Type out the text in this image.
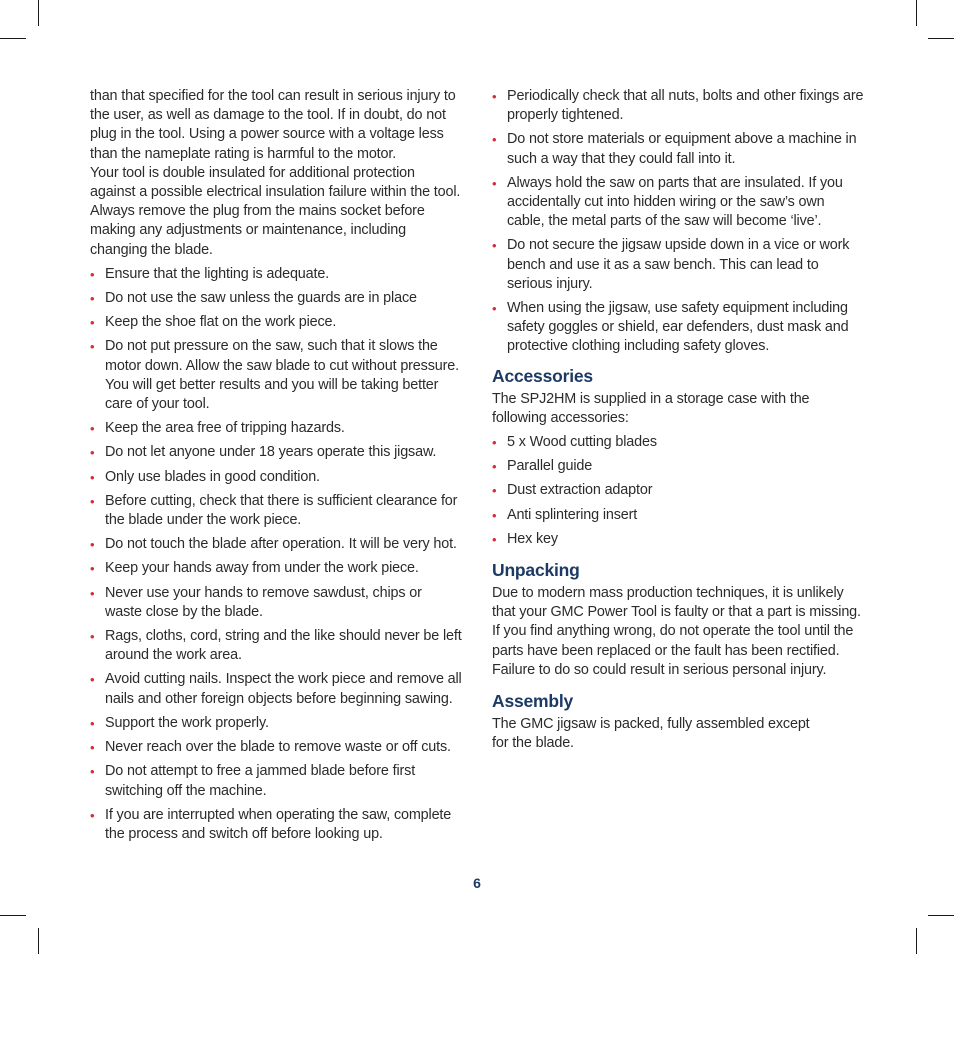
than that specified for the tool can result in serious injury to the user, as well as damage to the tool. If in doubt, do not plug in the tool. Using a power source with a voltage less than the nameplate rating is harmful to the motor.

Your tool is double insulated for additional protection against a possible electrical insulation failure within the tool.

Always remove the plug from the mains socket before making any adjustments or maintenance, including changing the blade.

• Ensure that the lighting is adequate.
• Do not use the saw unless the guards are in place
• Keep the shoe flat on the work piece.
• Do not put pressure on the saw, such that it slows the motor down. Allow the saw blade to cut without pressure. You will get better results and you will be taking better care of your tool.
• Keep the area free of tripping hazards.
• Do not let anyone under 18 years operate this jigsaw.
• Only use blades in good condition.
• Before cutting, check that there is sufficient clearance for the blade under the work piece.
• Do not touch the blade after operation. It will be very hot.
• Keep your hands away from under the work piece.
• Never use your hands to remove sawdust, chips or waste close by the blade.
• Rags, cloths, cord, string and the like should never be left around the work area.
• Avoid cutting nails. Inspect the work piece and remove all nails and other foreign objects before beginning sawing.
• Support the work properly.
• Never reach over the blade to remove waste or off cuts.
• Do not attempt to free a jammed blade before first switching off the machine.
• If you are interrupted when operating the saw, complete the process and switch off before looking up.
• Periodically check that all nuts, bolts and other fixings are properly tightened.
• Do not store materials or equipment above a machine in such a way that they could fall into it.
• Always hold the saw on parts that are insulated. If you accidentally cut into hidden wiring or the saw’s own cable, the metal parts of the saw will become ‘live’.
• Do not secure the jigsaw upside down in a vice or work bench and use it as a saw bench. This can lead to serious injury.
• When using the jigsaw, use safety equipment including safety goggles or shield, ear defenders, dust mask and protective clothing including safety gloves.
Accessories

The SPJ2HM is supplied in a storage case with the following accessories:

• 5 x Wood cutting blades
• Parallel guide
• Dust extraction adaptor
• Anti splintering insert
• Hex key
Unpacking

Due to modern mass production techniques, it is unlikely that your GMC Power Tool is faulty or that a part is missing. If you find anything wrong, do not operate the tool until the parts have been replaced or the fault has been rectified. Failure to do so could result in serious personal injury.

Assembly

The GMC jigsaw is packed, fully assembled except for the blade.

6
